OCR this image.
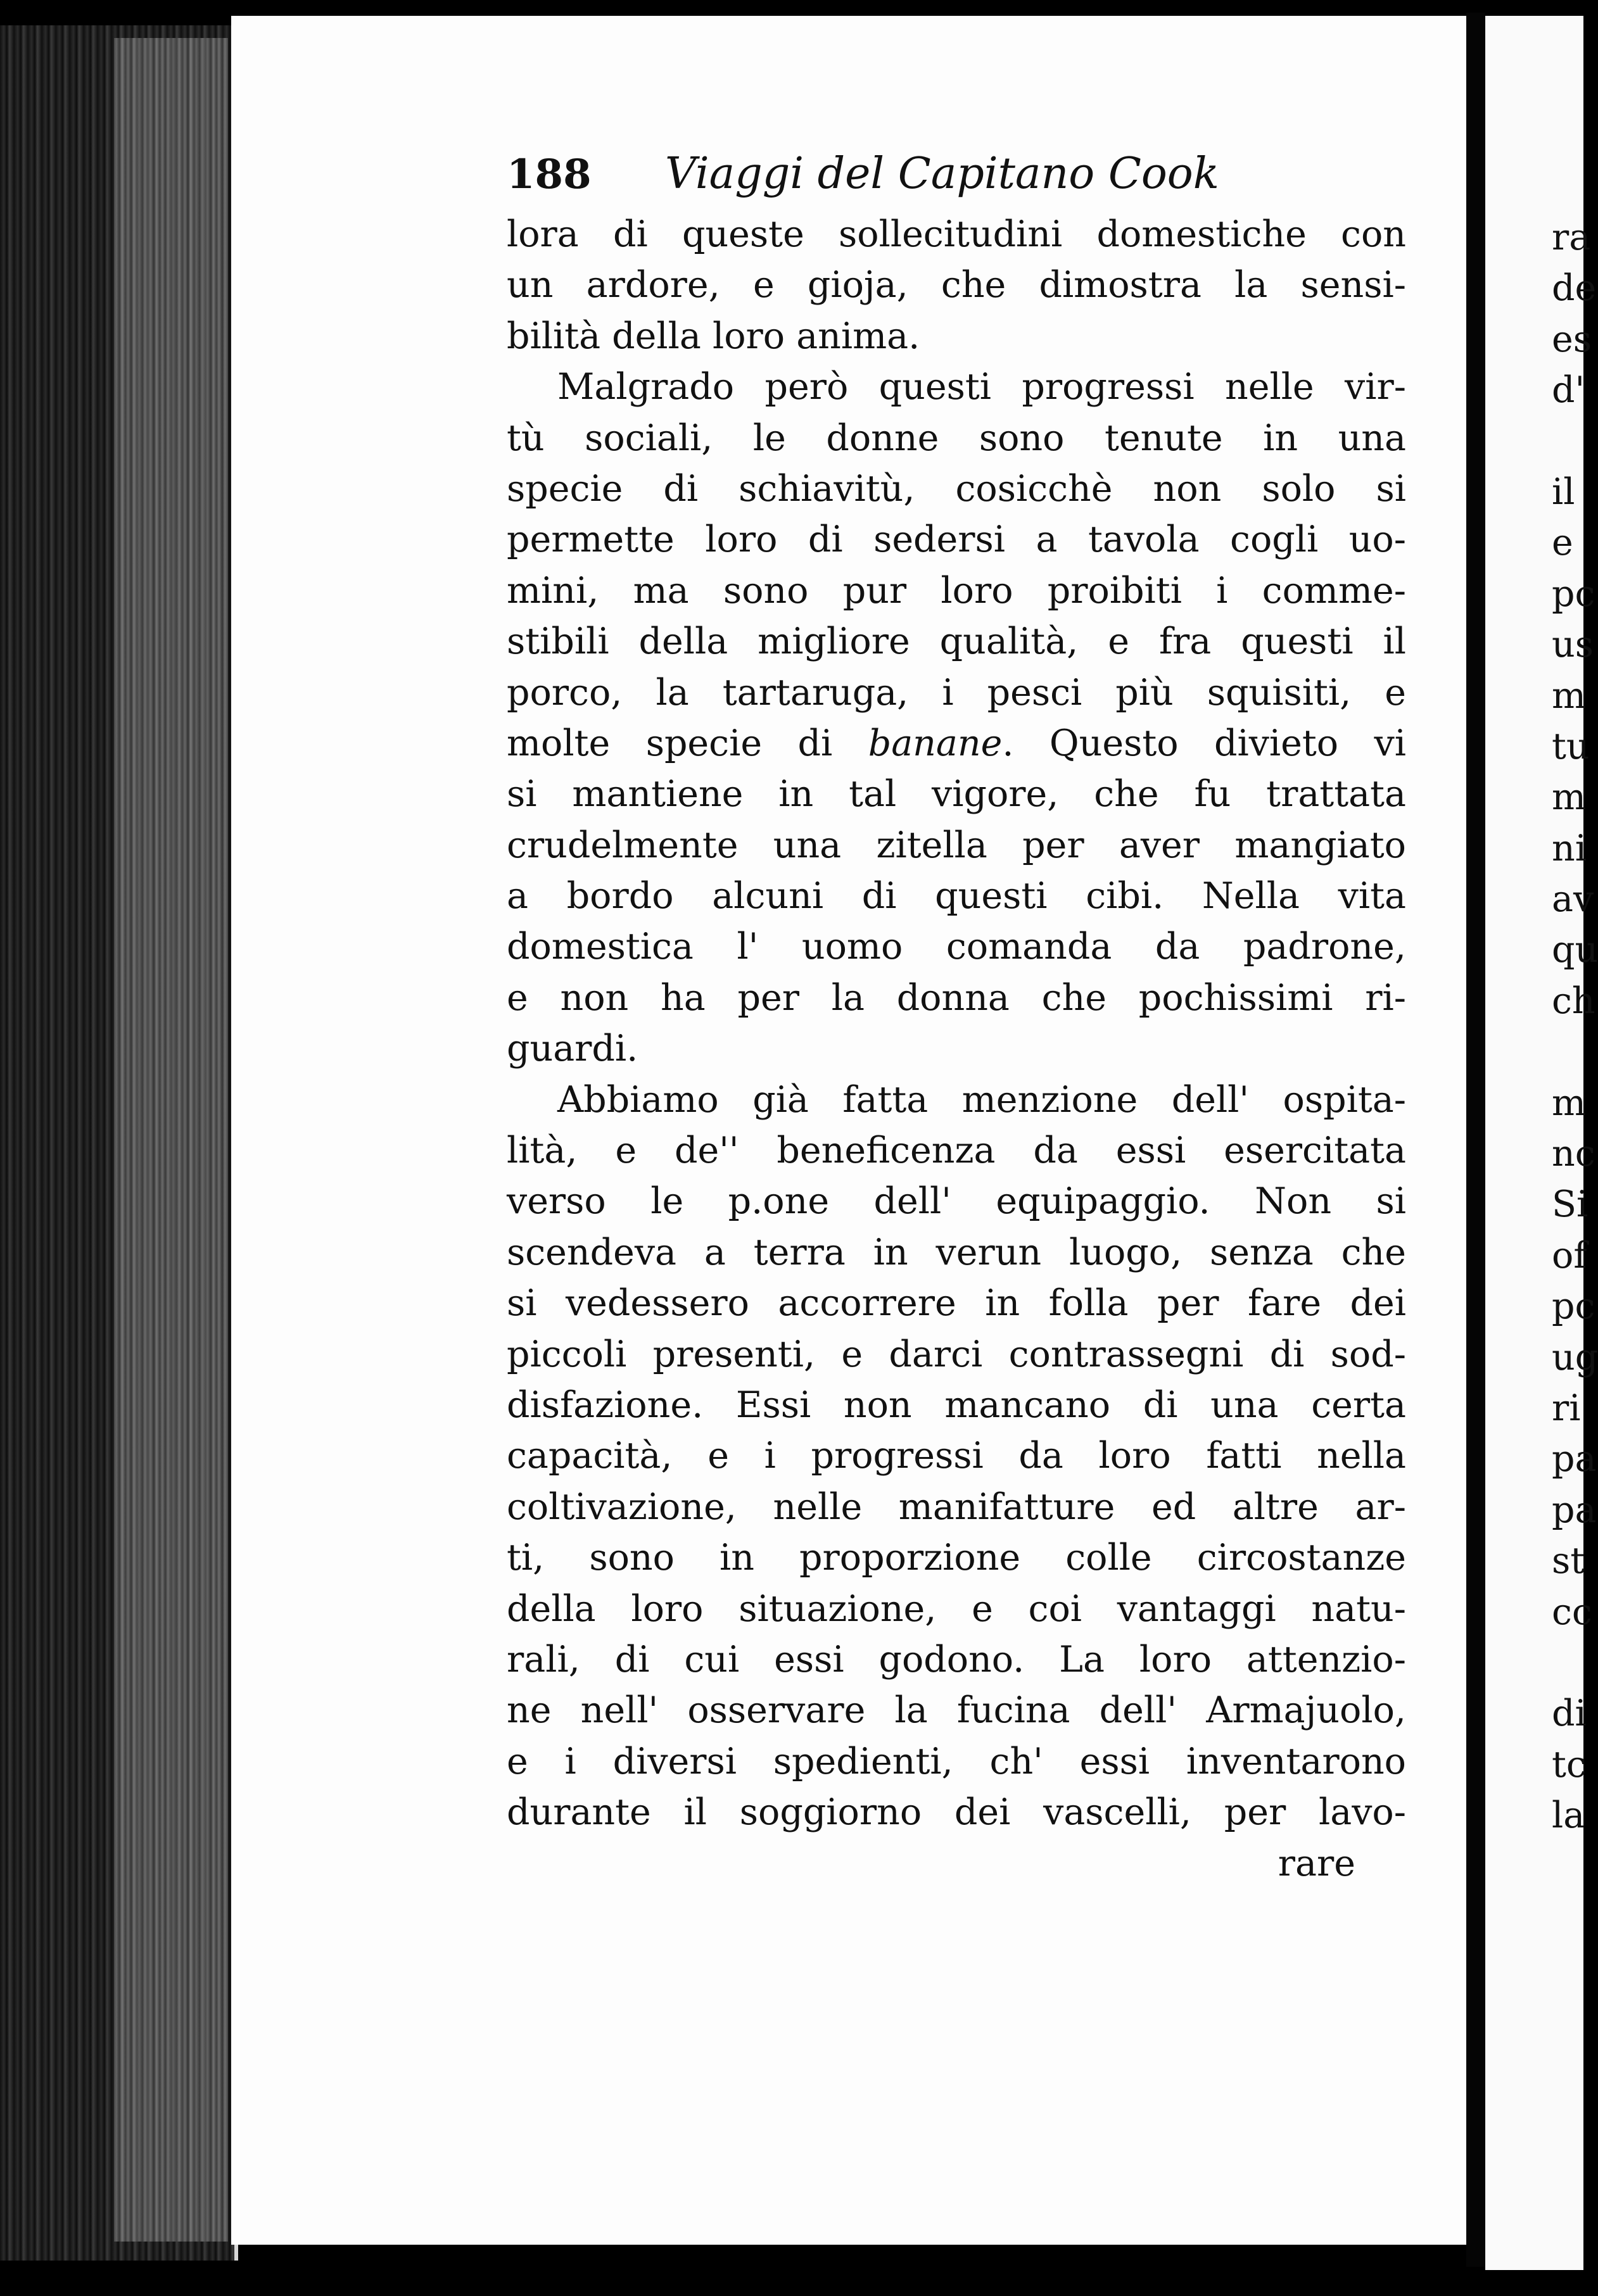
188	Viaggi del Capitano Cook
lora di queste sollecitudini domestiche con
un ardore, e gioja, che dimostra la sensi-
bilità della loro anima.
Malgrado però questi progressi nelle vir-
tù sociali, le donne sono tenute in una
specie di schiavitù, cosicchè non solo si
permette loro di sedersi a tavola cogli uo-
mini, ma sono pur loro proibiti i comme-
stibili della migliore qualità, e fra questi il
porco, la tartaruga, i pesci più squisiti, e
molte specie di banane. Questo divieto vi
si mantiene in tal vigore, che fu trattata
crudelmente una zitella per aver mangiato
a bordo alcuni di questi cibi. Nella vita
domestica l' uomo comanda da padrone,
e non ha per la donna che pochissimi ri-
guardi.
Abbiamo già fatta menzione dell' ospita-
lità, e de'' beneficenza da essi esercitata
verso le p.one dell' equipaggio. Non si
scendeva a terra in verun luogo, senza che
si vedessero accorrere in folla per fare dei
piccoli presenti, e darci contrassegni di sod-
disfazione. Essi non mancano di una certa
capacità, e i progressi da loro fatti nella
coltivazione, nelle manifatture ed altre ar-
ti, sono in proporzione colle circostanze
della loro situazione, e coi vantaggi natu-
rali, di cui essi godono. La loro attenzio-
ne nell' osservare la fucina dell' Armajuolo,
e i diversi spedienti, ch' essi inventarono
durante il soggiorno dei vascelli, per lavo-
rare
ra
de
es
d'
il
e
pc
us
m
tu
m
ni
av
qu
ch
m
nc
Si
of
pc
ug
ri
pa
pa
st
cc
di
tc
la
